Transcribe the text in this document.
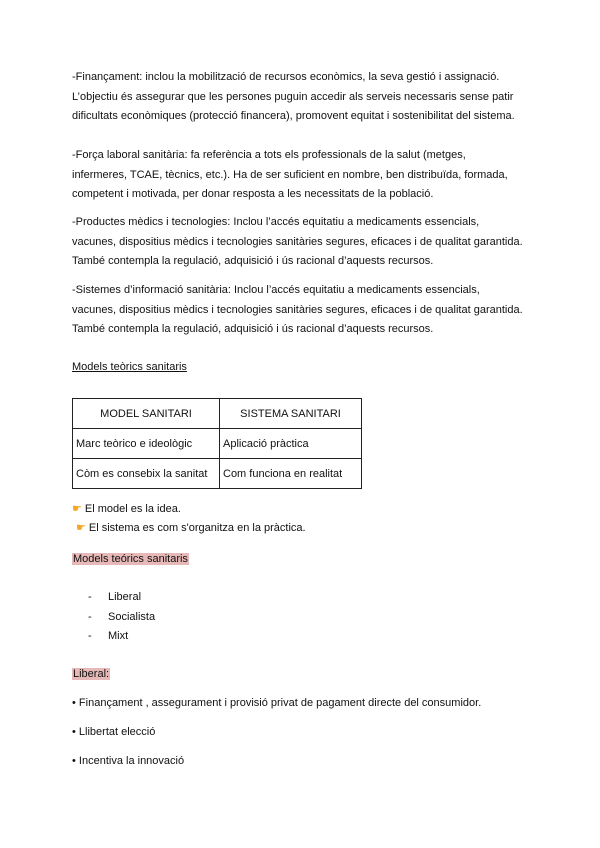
-Finançament: inclou la mobilització de recursos econòmics, la seva gestió i assignació.
L’objectiu és assegurar que les persones puguin accedir als serveis necessaris sense patir
dificultats econòmiques (protecció financera), promovent equitat i sostenibilitat del sistema.
-Força laboral sanitària: fa referència a tots els professionals de la salut (metges,
infermeres, TCAE, tècnics, etc.). Ha de ser suficient en nombre, ben distribuïda, formada,
competent i motivada, per donar resposta a les necessitats de la població.
-Productes mèdics i tecnologies: Inclou l’accés equitatiu a medicaments essencials,
vacunes, dispositius mèdics i tecnologies sanitàries segures, eficaces i de qualitat garantida.
També contempla la regulació, adquisició i ús racional d’aquests recursos.
-Sistemes d’informació sanitària: Inclou l’accés equitatiu a medicaments essencials,
vacunes, dispositius mèdics i tecnologies sanitàries segures, eficaces i de qualitat garantida.
També contempla la regulació, adquisició i ús racional d’aquests recursos.

Models teòrics sanitaris

MODEL SANITARI	SISTEMA SANITARI
Marc teòrico e ideològic	Aplicació pràctica
Còm es consebix la sanitat	Com funciona en realitat

☛ El model es la idea.

☛ El sistema es com s'organitza en la pràctica.

Models teórics sanitaris

- Liberal
- Socialista
- Mixt

Liberal:

• Finançament , assegurament i provisió privat de pagament directe del consumidor.

• Llibertat elecció

• Incentiva la innovació
